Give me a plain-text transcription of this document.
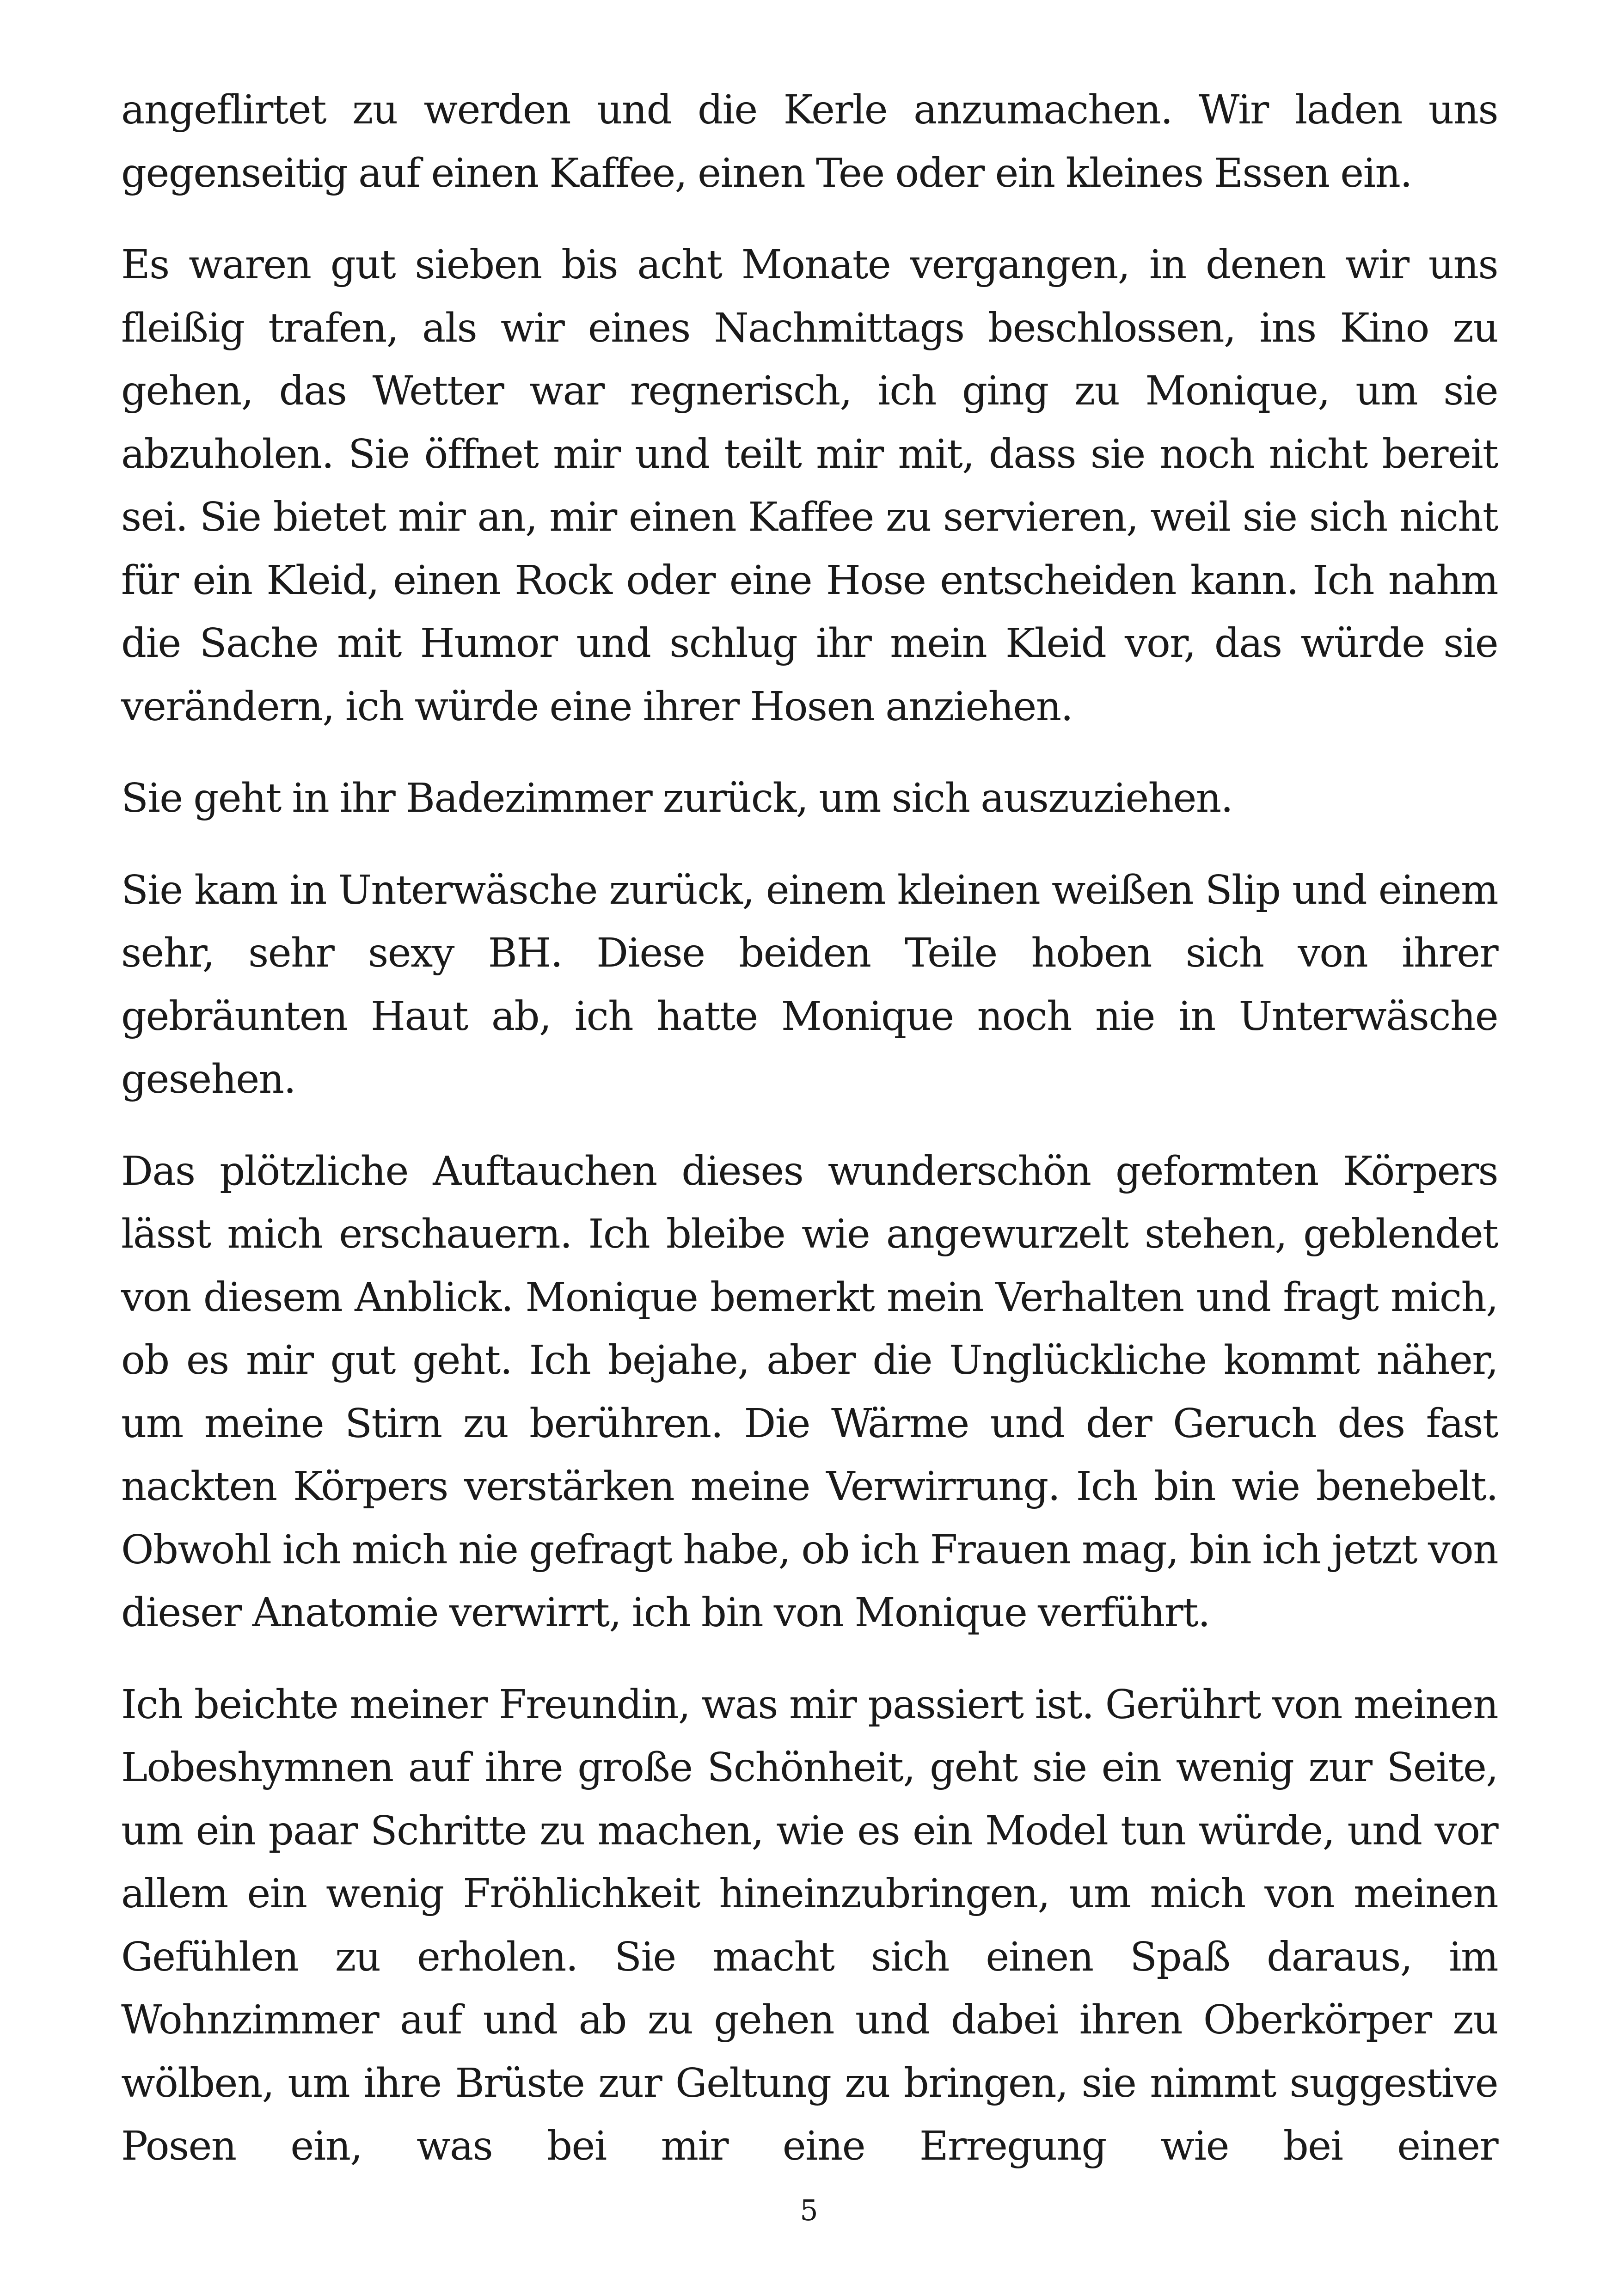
angeflirtet zu werden und die Kerle anzumachen. Wir laden uns gegenseitig auf einen Kaffee, einen Tee oder ein kleines Essen ein.

Es waren gut sieben bis acht Monate vergangen, in denen wir uns fleißig trafen, als wir eines Nachmittags beschlossen, ins Kino zu gehen, das Wetter war regnerisch, ich ging zu Monique, um sie abzuholen. Sie öffnet mir und teilt mir mit, dass sie noch nicht bereit sei. Sie bietet mir an, mir einen Kaffee zu servieren, weil sie sich nicht für ein Kleid, einen Rock oder eine Hose entscheiden kann. Ich nahm die Sache mit Humor und schlug ihr mein Kleid vor, das würde sie verändern, ich würde eine ihrer Hosen anziehen.

Sie geht in ihr Badezimmer zurück, um sich auszuziehen.

Sie kam in Unterwäsche zurück, einem kleinen weißen Slip und einem sehr, sehr sexy BH. Diese beiden Teile hoben sich von ihrer gebräunten Haut ab, ich hatte Monique noch nie in Unterwäsche gesehen.

Das plötzliche Auftauchen dieses wunderschön geformten Körpers lässt mich erschauern. Ich bleibe wie angewurzelt stehen, geblendet von diesem Anblick. Monique bemerkt mein Verhalten und fragt mich, ob es mir gut geht. Ich bejahe, aber die Unglückliche kommt näher, um meine Stirn zu berühren. Die Wärme und der Geruch des fast nackten Körpers verstärken meine Verwirrung. Ich bin wie benebelt. Obwohl ich mich nie gefragt habe, ob ich Frauen mag, bin ich jetzt von dieser Anatomie verwirrt, ich bin von Monique verführt.

Ich beichte meiner Freundin, was mir passiert ist. Gerührt von meinen Lobeshymnen auf ihre große Schönheit, geht sie ein wenig zur Seite, um ein paar Schritte zu machen, wie es ein Model tun würde, und vor allem ein wenig Fröhlichkeit hineinzubringen, um mich von meinen Gefühlen zu erholen. Sie macht sich einen Spaß daraus, im Wohnzimmer auf und ab zu gehen und dabei ihren Oberkörper zu wölben, um ihre Brüste zur Geltung zu bringen, sie nimmt suggestive Posen ein, was bei mir eine Erregung wie bei einer

5
